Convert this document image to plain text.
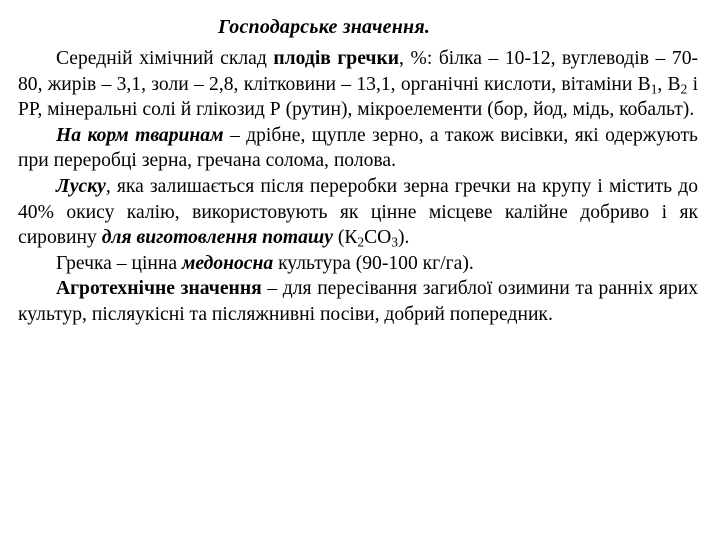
Господарське значення.

Середній хімічний склад плодів гречки, %: білка – 10-12, вуглеводів – 70-80, жирів – 3,1, золи – 2,8, клітковини – 13,1, органічні кислоти, вітаміни $В_1$, $В_2$ і РР, мінеральні солі й глікозид Р (рутин), мікроелементи (бор, йод, мідь, кобальт).

На корм тваринам – дрібне, щупле зерно, а також висівки, які одержують при переробці зерна, гречана солома, полова.

Луску, яка залишається після переробки зерна гречки на крупу і містить до 40% окису калію, використовують як цінне місцеве калійне добриво і як сировину для виготовлення поташу $(К_2СО_3)$.

Гречка – цінна медоносна культура (90-100 кг/га).

Агротехнічне значення – для пересівання загиблої озимини та ранніх ярих культур, післяукісні та післяжнивні посіви, добрий попередник.
